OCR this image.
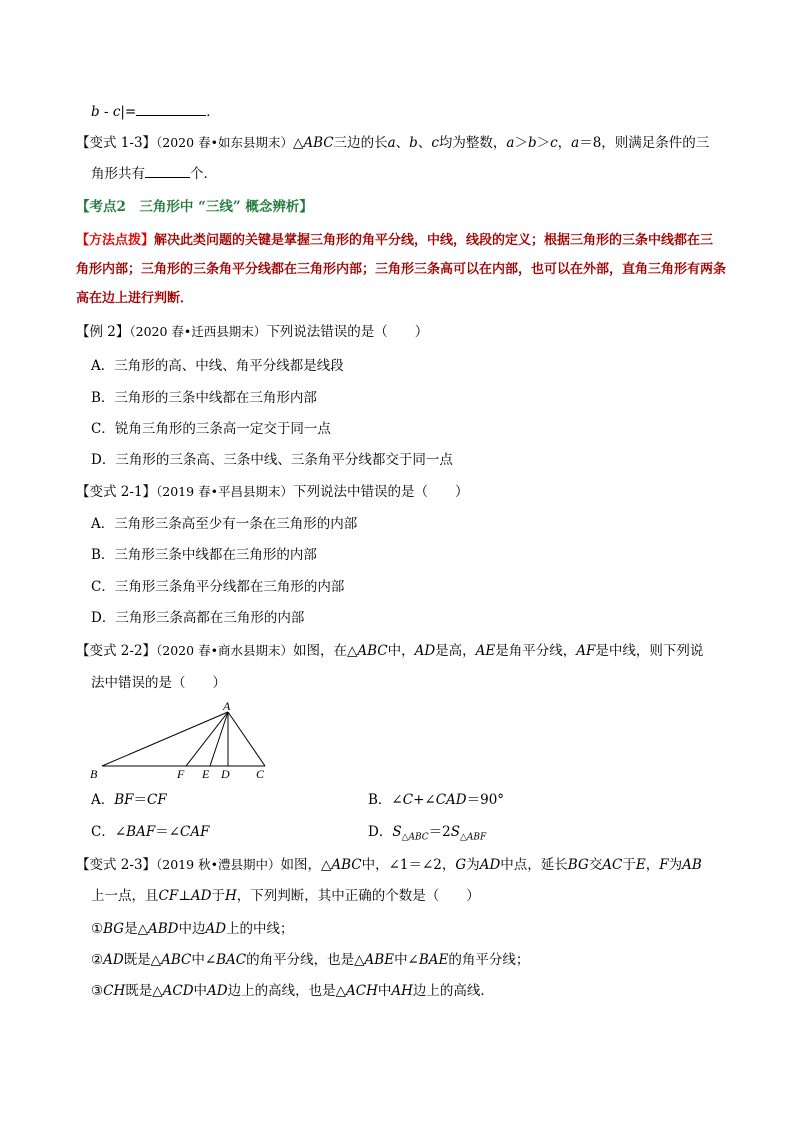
b - c|=	．
【变式 1-3】（2020 春•如东县期末）△ABC三边的长a、b、c均为整数，a＞b＞c，a＝8，则满足条件的三
角形共有	个．
【考点2　三角形中 “三线” 概念辨析】
【方法点拨】解决此类问题的关键是掌握三角形的角平分线，中线，线段的定义；根据三角形的三条中线都在三角形内部；三角形的三条角平分线都在三角形内部；三角形三条高可以在内部，也可以在外部，直角三角形有两条高在边上进行判断．
【例 2】（2020 春•迁西县期末）下列说法错误的是（　　）
A．三角形的高、中线、角平分线都是线段
B．三角形的三条中线都在三角形内部
C．锐角三角形的三条高一定交于同一点
D．三角形的三条高、三条中线、三条角平分线都交于同一点
【变式 2-1】（2019 春•平昌县期末）下列说法中错误的是（　　）
A．三角形三条高至少有一条在三角形的内部
B．三角形三条中线都在三角形的内部
C．三角形三条角平分线都在三角形的内部
D．三角形三条高都在三角形的内部
【变式 2-2】（2020 春•商水县期末）如图，在△ABC中，AD是高，AE是角平分线，AF是中线，则下列说
法中错误的是（　　）
A
B	F E D C
A．BF＝CF	B．∠C+∠CAD＝90°
C．∠BAF＝∠CAF	D．$S_{\triangle ABC}=2S_{\triangle ABF}$
【变式 2-3】（2019 秋•澧县期中）如图，△ABC中，∠1＝∠2，G为AD中点，延长BG交AC于E，F为AB
上一点，且CF⊥AD于H，下列判断，其中正确的个数是（　　）
①BG是△ABD中边AD上的中线；
②AD既是△ABC中∠BAC的角平分线，也是△ABE中∠BAE的角平分线；
③CH既是△ACD中AD边上的高线，也是△ACH中AH边上的高线．
